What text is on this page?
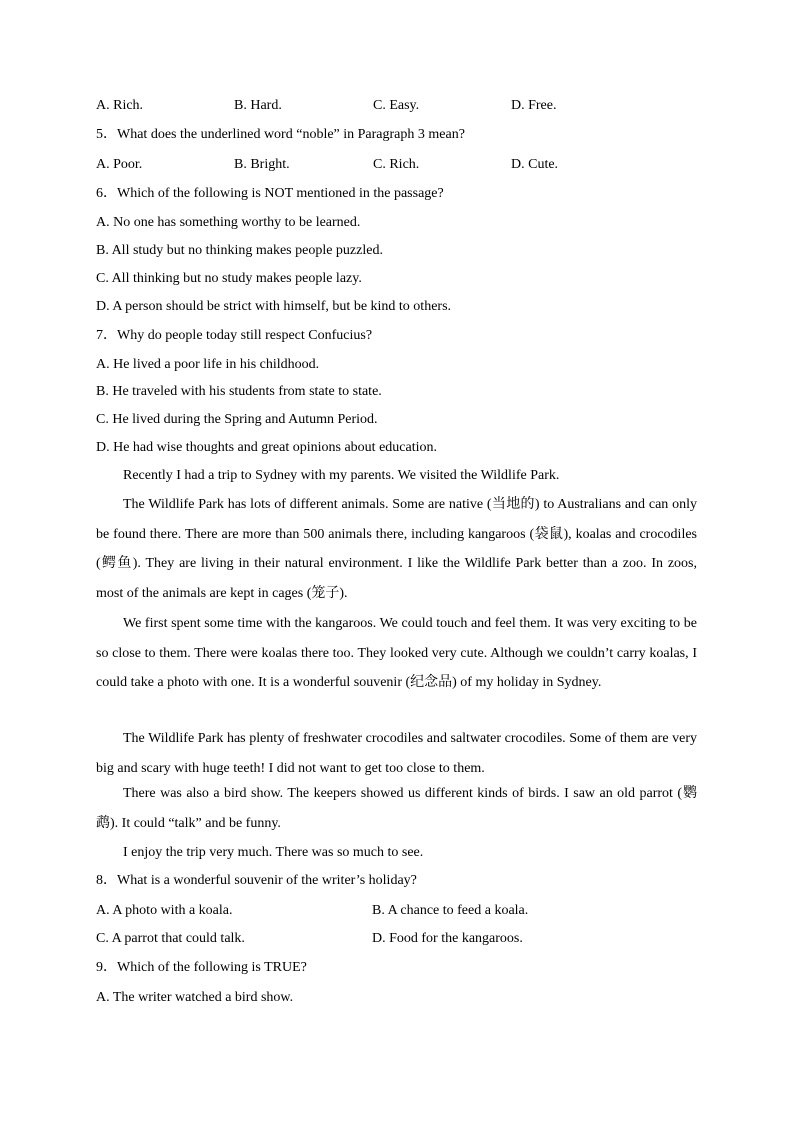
A. Rich.	B. Hard.	C. Easy.	D. Free.
5．What does the underlined word “noble” in Paragraph 3 mean?
A. Poor.	B. Bright.	C. Rich.	D. Cute.
6．Which of the following is NOT mentioned in the passage?
A. No one has something worthy to be learned.
B. All study but no thinking makes people puzzled.
C. All thinking but no study makes people lazy.
D. A person should be strict with himself, but be kind to others.
7．Why do people today still respect Confucius?
A. He lived a poor life in his childhood.
B. He traveled with his students from state to state.
C. He lived during the Spring and Autumn Period.
D. He had wise thoughts and great opinions about education.
Recently I had a trip to Sydney with my parents. We visited the Wildlife Park.
The Wildlife Park has lots of different animals. Some are native (当地的) to Australians and can only be found there. There are more than 500 animals there, including kangaroos (袋鼠), koalas and crocodiles (鳄鱼). They are living in their natural environment. I like the Wildlife Park better than a zoo. In zoos, most of the animals are kept in cages (笼子).
We first spent some time with the kangaroos. We could touch and feel them. It was very exciting to be so close to them. There were koalas there too. They looked very cute. Although we couldn’t carry koalas, I could take a photo with one. It is a wonderful souvenir (纪念品) of my holiday in Sydney.
The Wildlife Park has plenty of freshwater crocodiles and saltwater crocodiles. Some of them are very big and scary with huge teeth! I did not want to get too close to them.
There was also a bird show. The keepers showed us different kinds of birds. I saw an old parrot (鹦鹉). It could “talk” and be funny.
I enjoy the trip very much. There was so much to see.
8．What is a wonderful souvenir of the writer’s holiday?
A. A photo with a koala.	B. A chance to feed a koala.
C. A parrot that could talk.	D. Food for the kangaroos.
9．Which of the following is TRUE?
A. The writer watched a bird show.
